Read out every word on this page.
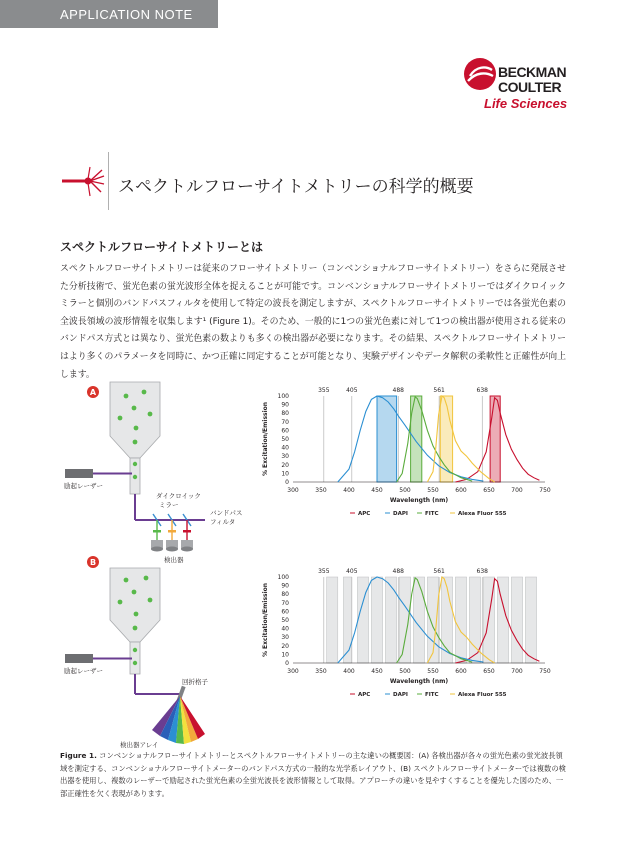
APPLICATION NOTE
BECKMAN
COULTER
Life Sciences
スペクトルフローサイトメトリーの科学的概要
スペクトルフローサイトメトリーとは
スペクトルフローサイトメトリーは従来のフローサイトメトリー（コンベンショナルフローサイトメトリー）をさらに発展させた分析技術で、蛍光色素の蛍光波形全体を捉えることが可能です。コンベンショナルフローサイトメトリーではダイクロイックミラーと個別のバンドパスフィルタを使用して特定の波長を測定しますが、スペクトルフローサイトメトリーでは各蛍光色素の全波長領域の波形情報を収集します¹ (Figure 1)。そのため、一般的に1つの蛍光色素に対して1つの検出器が使用される従来のバンドパス方式とは異なり、蛍光色素の数よりも多くの検出器が必要になります。その結果、スペクトルフローサイトメトリーはより多くのパラメータを同時に、かつ正確に同定することが可能となり、実験デザインやデータ解釈の柔軟性と正確性が向上します。
A
励起レーザー
ダイクロイック
ミラー
バンドパス
フィルタ
検出器
B
励起レーザー
回折格子
検出器アレイ
355	405	488	561	638
0
10
20
30
40
50
60
70
80
90
100
300	350	400	450	500	550	600	650	700	750
% Excitation/Emission
Wavelength (nm)
APC	DAPI	FITC	Alexa Fluor 555
355	405	488	561	638
0
10
20
30
40
50
60
70
80
90
100
300	350	400	450	500	550	600	650	700	750
% Excitation/Emission
Wavelength (nm)
APC	DAPI	FITC	Alexa Fluor 555
Figure 1. コンベンショナルフローサイトメトリーとスペクトルフローサイトメトリーの主な違いの概要図：(A) 各検出器が各々の蛍光色素の蛍光波長領域を測定する、コンベンショナルフローサイトメーターのバンドパス方式の一般的な光学系レイアウト、(B) スペクトルフローサイトメーターでは複数の検出器を使用し、複数のレーザーで励起された蛍光色素の全蛍光波長を波形情報として取得。アプローチの違いを見やすくすることを優先した図のため、一部正確性を欠く表現があります。
